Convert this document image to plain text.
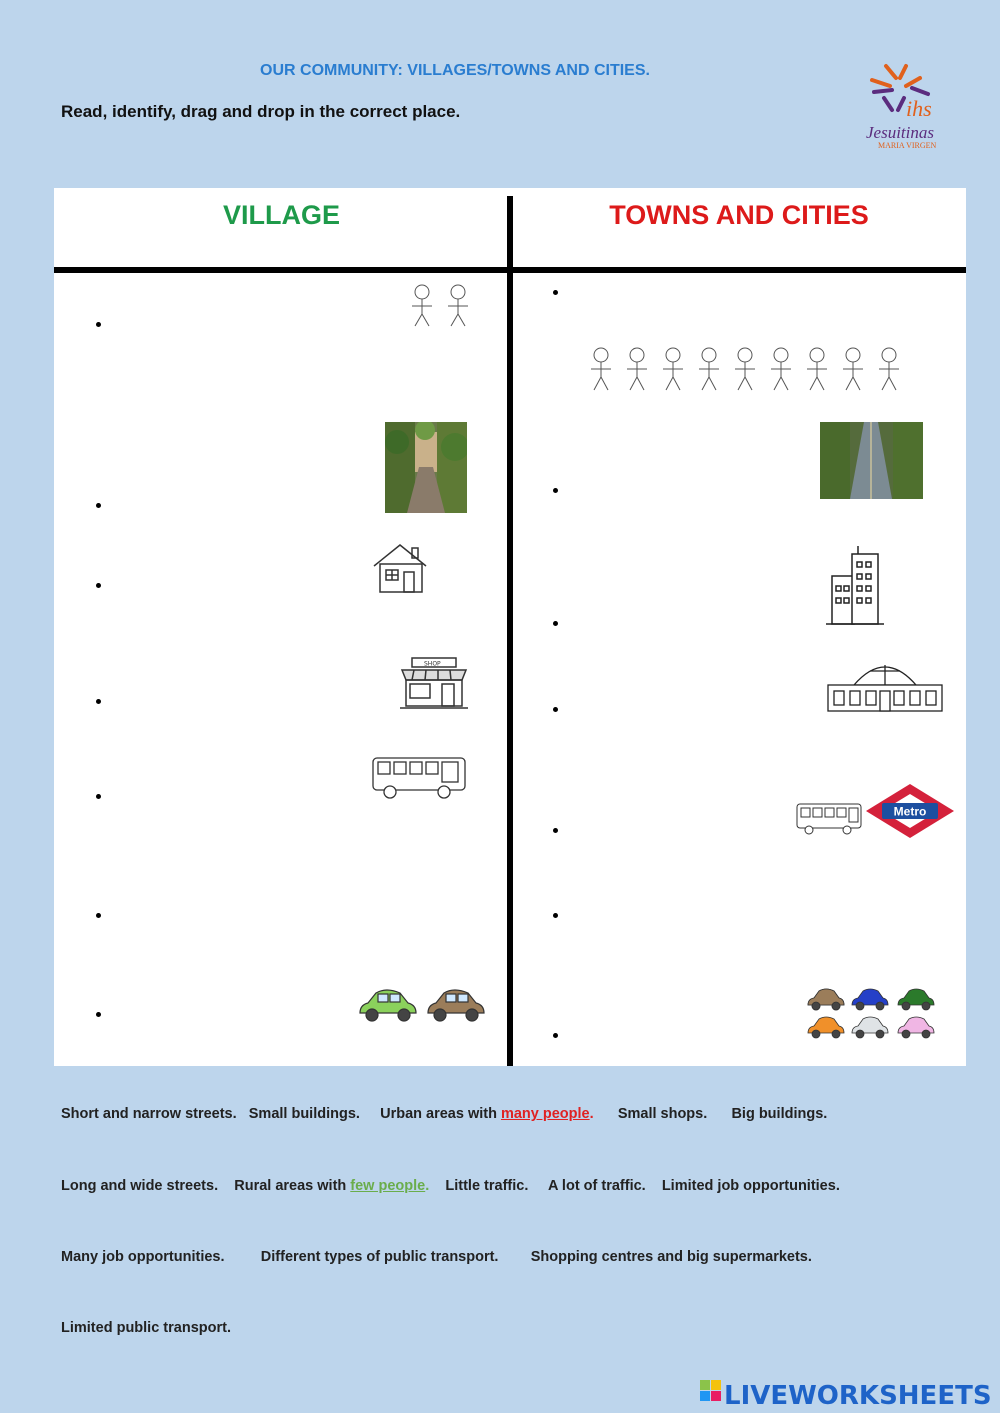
OUR COMMUNITY: VILLAGES/TOWNS AND CITIES.
Read, identify, drag and drop in the correct place.	ihs
Jesuitinas
MARIA VIRGEN
VILLAGE	TOWNS AND CITIES
SHOP
Metro
Short and narrow streets. Small buildings. Urban areas with many people. Small shops. Big buildings.
Long and wide streets. Rural areas with few people. Little traffic. A lot of traffic. Limited job opportunities.
Many job opportunities.	Different types of public transport. Shopping centres and big supermarkets.
Limited public transport.
LIVEWORKSHEETS
